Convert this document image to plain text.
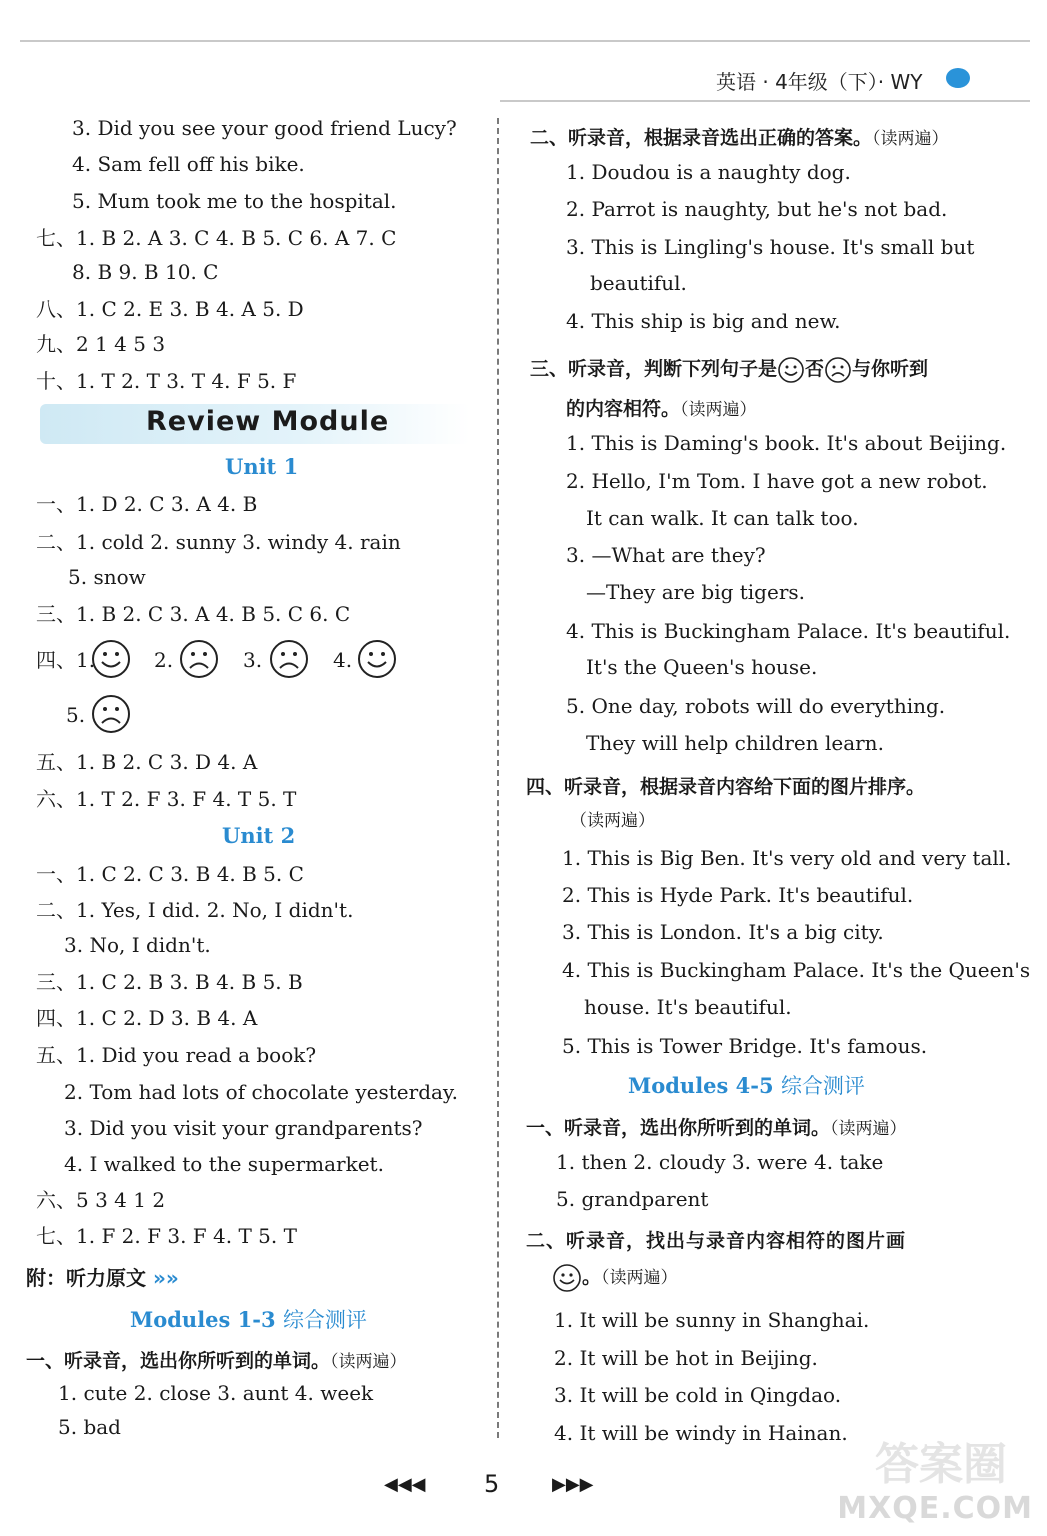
英语 · 4年级（下）· WY
3. Did you see your good friend Lucy?
4. Sam fell off his bike.
5. Mum took me to the hospital.
七、1. B 2. A 3. C 4. B 5. C 6. A 7. C
8. B 9. B 10. C
八、1. C 2. E 3. B 4. A 5. D
九、2 1 4 5 3
十、1. T 2. T 3. T 4. F 5. F
Review Module
Unit 1
一、1. D 2. C 3. A 4. B
二、1. cold 2. sunny 3. windy 4. rain
5. snow
三、1. B 2. C 3. A 4. B 5. C 6. C
四、1.	2.	3.	4.
5.
五、1. B 2. C 3. D 4. A
六、1. T 2. F 3. F 4. T 5. T
Unit 2
一、1. C 2. C 3. B 4. B 5. C
二、1. Yes, I did. 2. No, I didn't.
3. No, I didn't.
三、1. C 2. B 3. B 4. B 5. B
四、1. C 2. D 3. B 4. A
五、1. Did you read a book?
2. Tom had lots of chocolate yesterday.
3. Did you visit your grandparents?
4. I walked to the supermarket.
六、5 3 4 1 2
七、1. F 2. F 3. F 4. T 5. T
附：听力原文 »»
Modules 1-3 综合测评
一、听录音，选出你所听到的单词。（读两遍）
1. cute 2. close 3. aunt 4. week
5. bad
二、听录音，根据录音选出正确的答案。（读两遍）
1. Doudou is a naughty dog.
2. Parrot is naughty, but he's not bad.
3. This is Lingling's house. It's small but
beautiful.
4. This ship is big and new.
三、听录音，判断下列句子是 否 与你听到
的内容相符。（读两遍）
1. This is Daming's book. It's about Beijing.
2. Hello, I'm Tom. I have got a new robot.
It can walk. It can talk too.
3. —What are they?
—They are big tigers.
4. This is Buckingham Palace. It's beautiful.
It's the Queen's house.
5. One day, robots will do everything.
They will help children learn.
四、听录音，根据录音内容给下面的图片排序。
（读两遍）
1. This is Big Ben. It's very old and very tall.
2. This is Hyde Park. It's beautiful.
3. This is London. It's a big city.
4. This is Buckingham Palace. It's the Queen's
house. It's beautiful.
5. This is Tower Bridge. It's famous.
Modules 4-5 综合测评
一、听录音，选出你所听到的单词。（读两遍）
1. then 2. cloudy 3. were 4. take
5. grandparent
二、听录音，找出与录音内容相符的图片画
。（读两遍）
1. It will be sunny in Shanghai.
2. It will be hot in Beijing.
3. It will be cold in Qingdao.
4. It will be windy in Hainan.
◀◀◀ 5	▶▶▶	答案圈
MXQE.COM
